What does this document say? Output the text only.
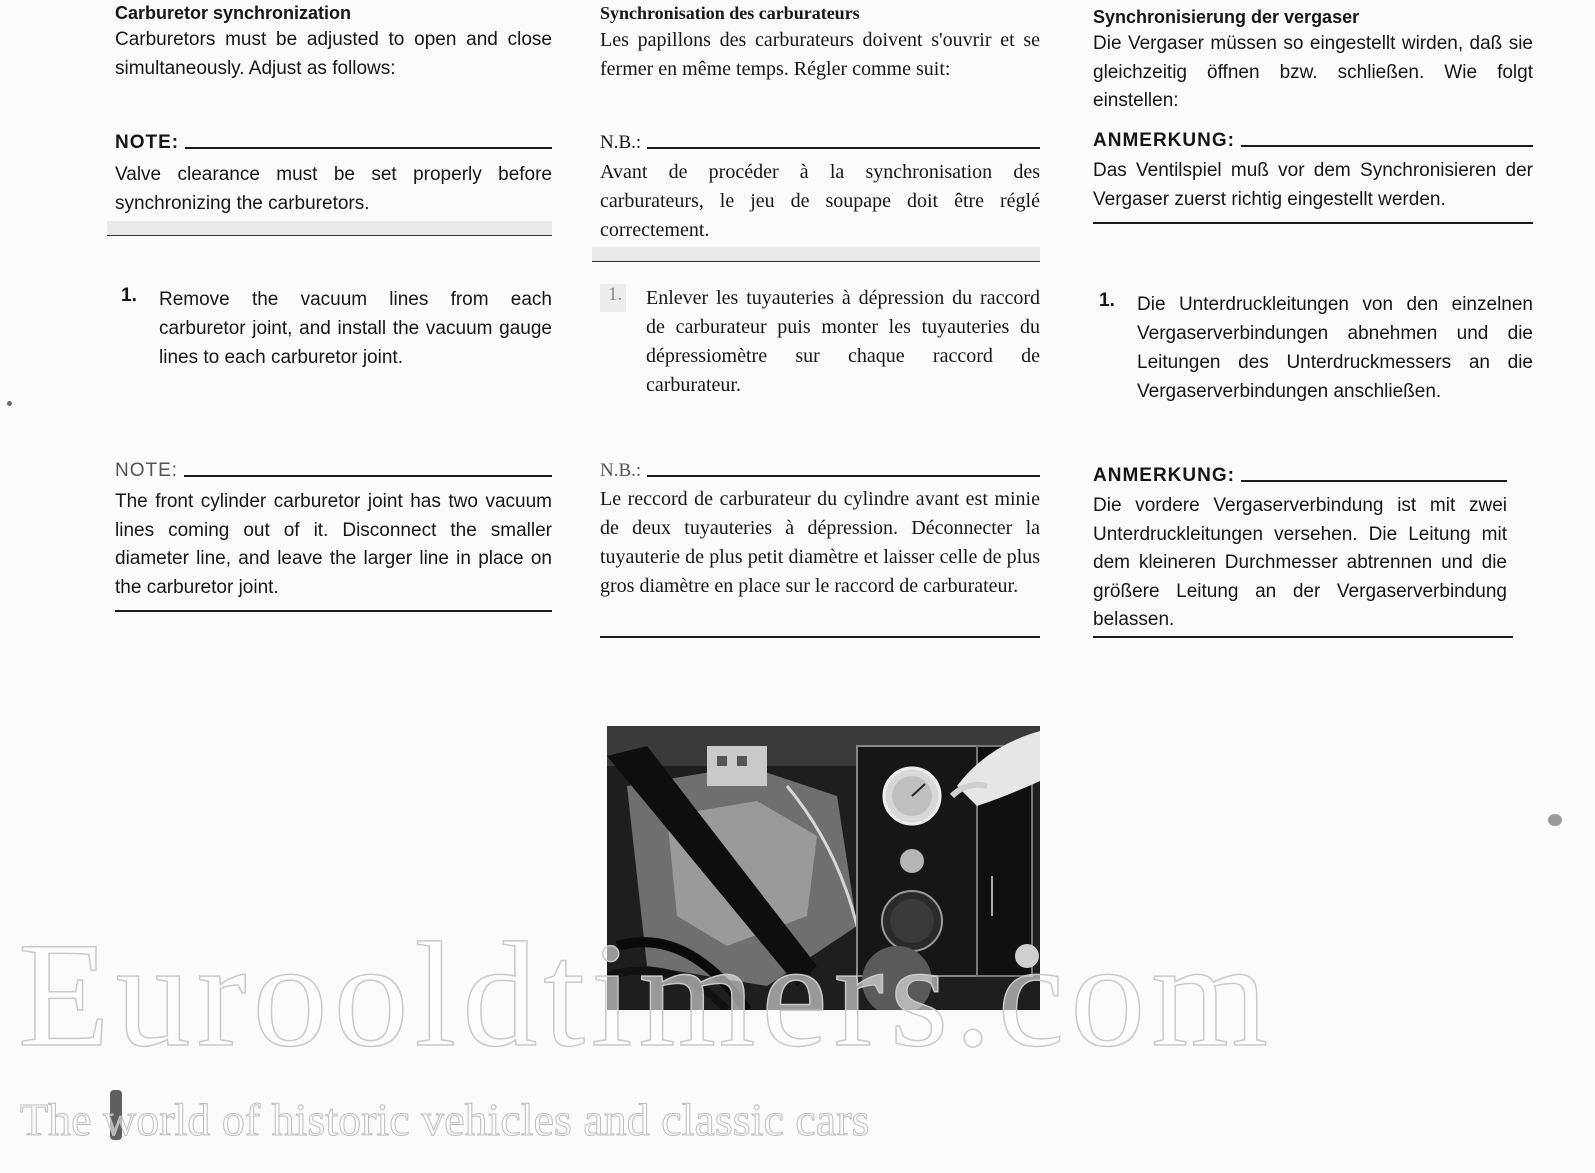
Carburetor synchronization
Carburetors must be adjusted to open and close simultaneously. Adjust as follows:
NOTE:
Valve clearance must be set properly before synchronizing the carburetors.
1.	Remove the vacuum lines from each carburetor joint, and install the vacuum gauge lines to each carburetor joint.
NOTE:
The front cylinder carburetor joint has two vacuum lines coming out of it. Disconnect the smaller diameter line, and leave the larger line in place on the carburetor joint.
Synchronisation des carburateurs
Les papillons des carburateurs doivent s'ouvrir et se fermer en même temps. Régler comme suit:
N.B.:
Avant de procéder à la synchronisation des carburateurs, le jeu de soupape doit être réglé correctement.
1. Enlever les tuyauteries à dépression du raccord de carburateur puis monter les tuyauteries du dépressiomètre sur chaque raccord de carburateur.
N.B.:
Le reccord de carburateur du cylindre avant est minie de deux tuyauteries à dépression. Déconnecter la tuyauterie de plus petit diamètre et laisser celle de plus gros diamètre en place sur le raccord de carburateur.
Synchronisierung der vergaser
Die Vergaser müssen so eingestellt wirden, daß sie gleichzeitig öffnen bzw. schließen. Wie folgt einstellen:
ANMERKUNG:
Das Ventilspiel muß vor dem Synchronisieren der Vergaser zuerst richtig eingestellt werden.
1.	Die Unterdruckleitungen von den einzelnen Vergaserverbindungen abnehmen und die Leitungen des Unterdruckmessers an die Vergaserverbindungen anschließen.
ANMERKUNG:
Die vordere Vergaserverbindung ist mit zwei Unterdruckleitungen versehen. Die Leitung mit dem kleineren Durchmesser abtrennen und die größere Leitung an der Vergaserverbindung belassen.
Eurooldtimers.com
The world of historic vehicles and classic cars
